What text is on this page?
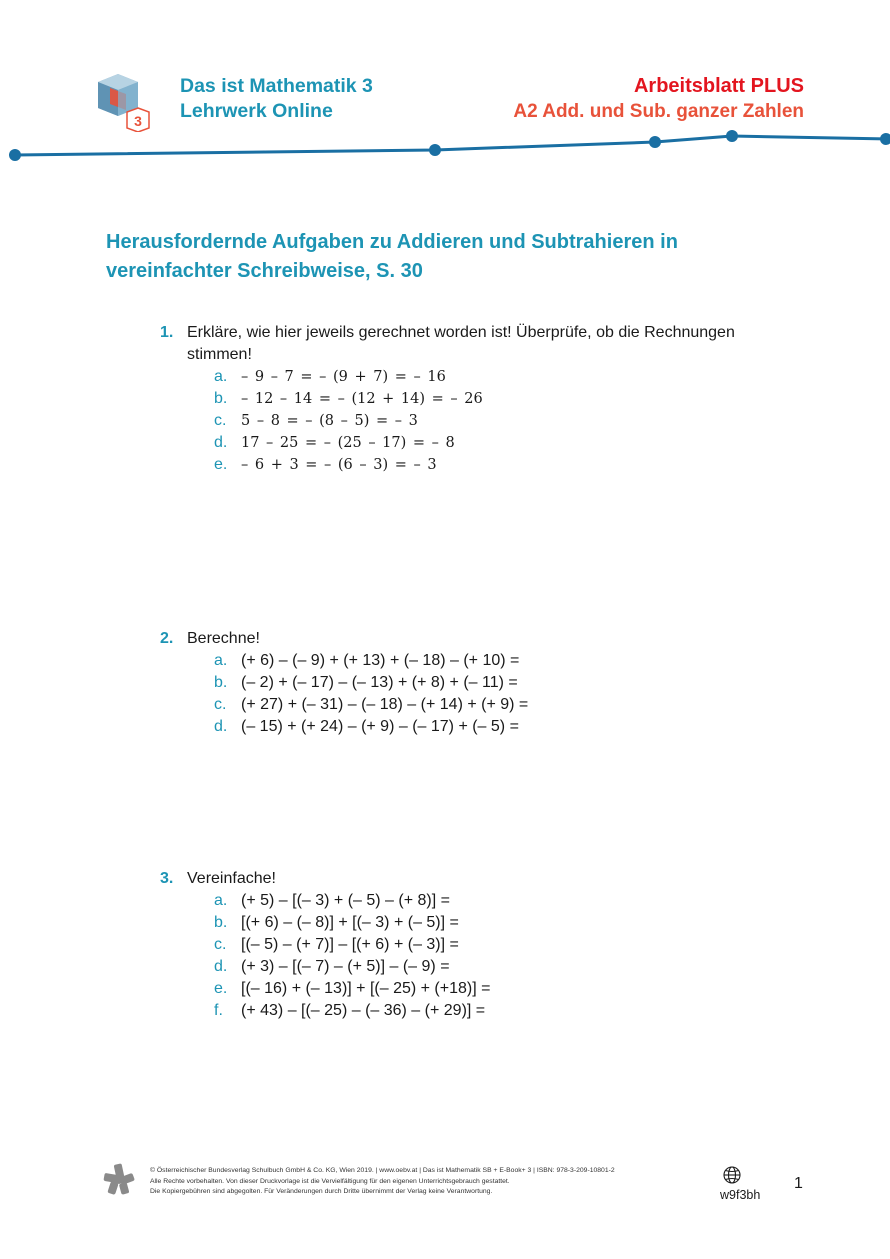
3
Das ist Mathematik 3
Lehrwerk Online
Arbeitsblatt PLUS
A2 Add. und Sub. ganzer Zahlen
Herausfordernde Aufgaben zu Addieren und Subtrahieren in vereinfachter Schreibweise, S. 30
1. Erkläre, wie hier jeweils gerechnet worden ist! Überprüfe, ob die Rechnungen stimmen!
a. – 9 – 7 = – (9 + 7) = – 16
b. – 12 – 14 = – (12 + 14) = – 26
c. 5 – 8 = – (8 – 5) = – 3
d. 17 – 25 = – (25 – 17) = – 8
e. – 6 + 3 = – (6 – 3) = – 3
2. Berechne!
a. (+ 6) – (– 9) + (+ 13) + (– 18) – (+ 10) =
b. (– 2) + (– 17) – (– 13) + (+ 8) + (– 11) =
c. (+ 27) + (– 31) – (– 18) – (+ 14) + (+ 9) =
d. (– 15) + (+ 24) – (+ 9) – (– 17) + (– 5) =
3. Vereinfache!
a. (+ 5) – [(– 3) + (– 5) – (+ 8)] =
b. [(+ 6) – (– 8)] + [(– 3) + (– 5)] =
c. [(– 5) – (+ 7)] – [(+ 6) + (– 3)] =
d. (+ 3) – [(– 7) – (+ 5)] – (– 9) =
e. [(– 16) + (– 13)] + [(– 25) + (+18)] =
f. (+ 43) – [(– 25) – (– 36) – (+ 29)] =
© Österreichischer Bundesverlag Schulbuch GmbH & Co. KG, Wien 2019. | www.oebv.at | Das ist Mathematik SB + E-Book+ 3 | ISBN: 978-3-209-10801-2
Alle Rechte vorbehalten. Von dieser Druckvorlage ist die Vervielfältigung für den eigenen Unterrichtsgebrauch gestattet.
Die Kopiergebühren sind abgegolten. Für Veränderungen durch Dritte übernimmt der Verlag keine Verantwortung.	w9f3bh
1
